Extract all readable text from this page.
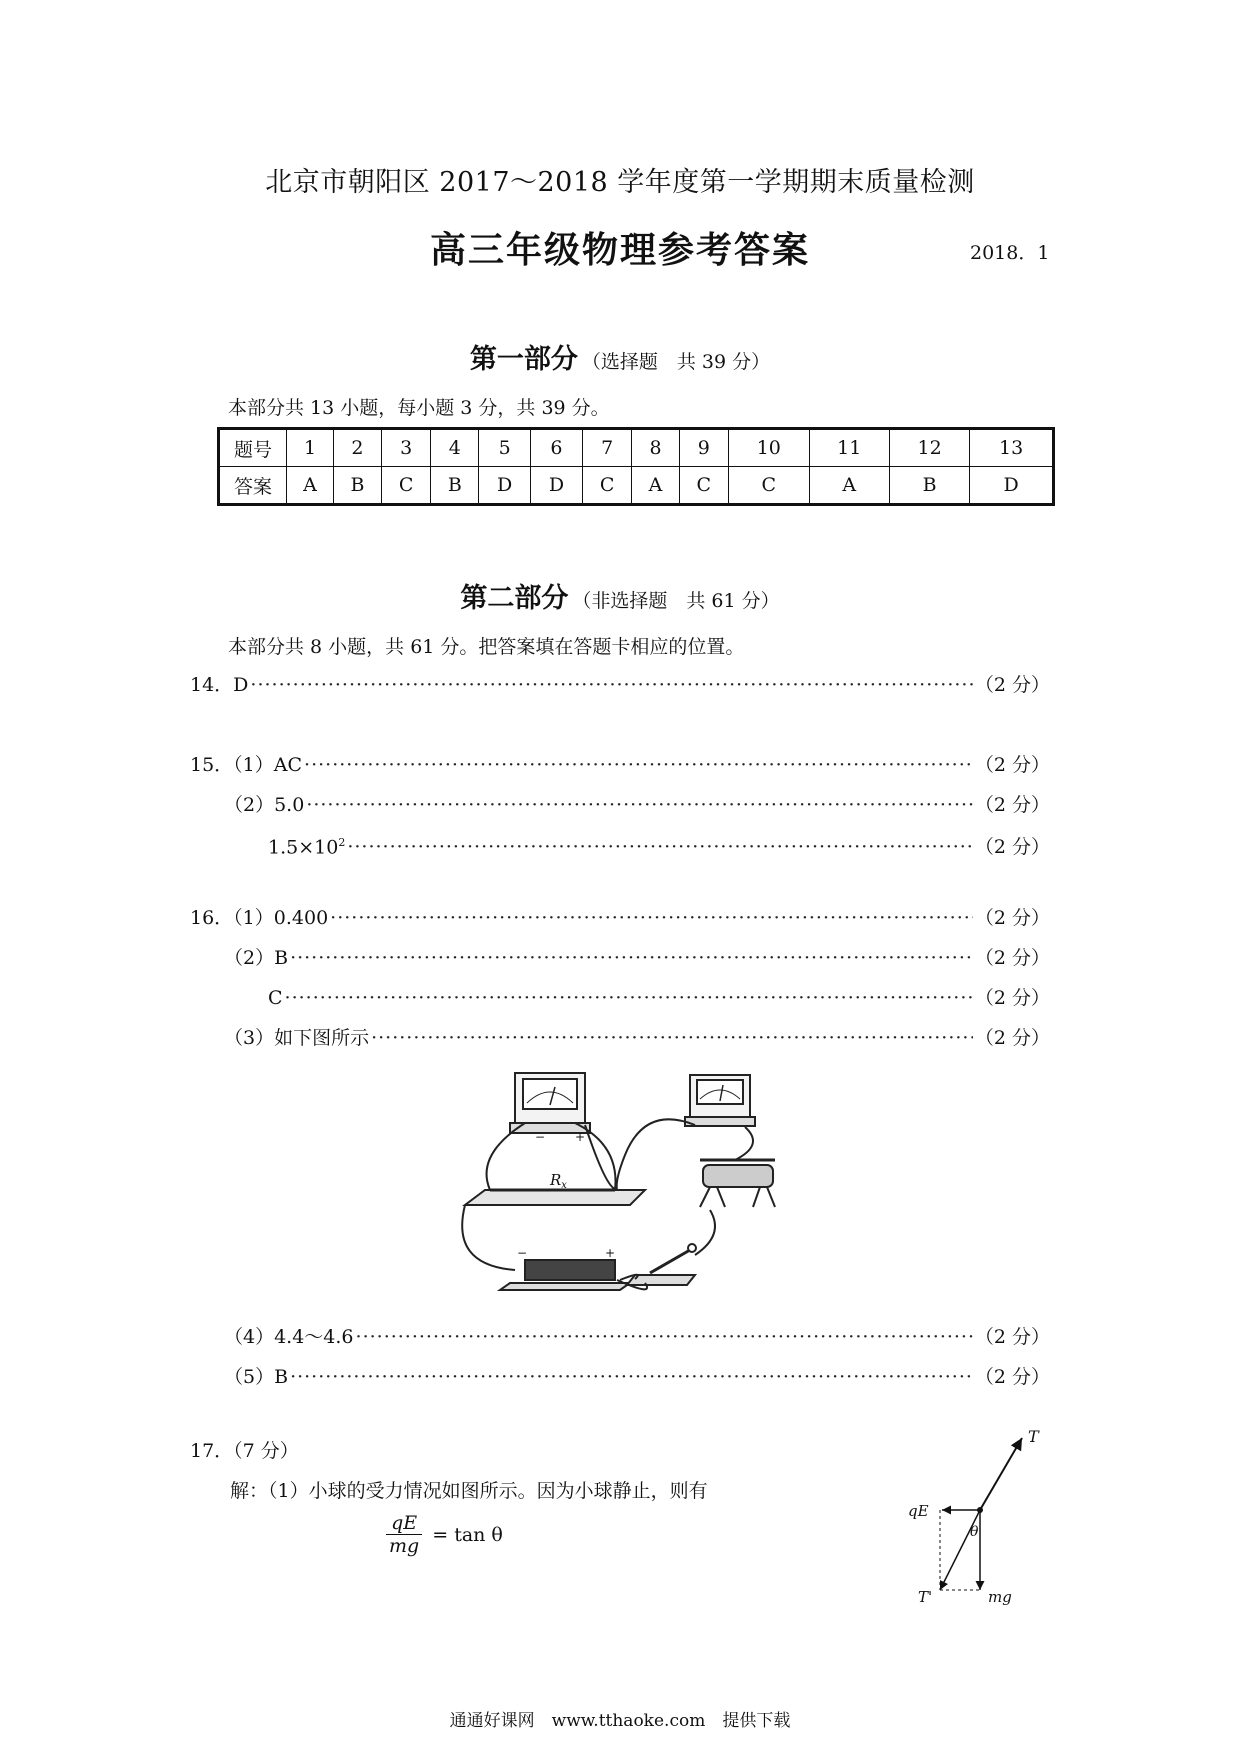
北京市朝阳区 2017～2018 学年度第一学期期末质量检测
高三年级物理参考答案	2018．1
第一部分 （选择题　共 39 分）
本部分共 13 小题，每小题 3 分，共 39 分。
题号	1	2	3	4	5	6	7	8	9	10	11	12	13
答案	A	B	C	B	D	D	C	A	C	C	A	B	D
第二部分 （非选择题　共 61 分）
本部分共 8 小题，共 61 分。把答案填在答题卡相应的位置。
14．D ·····	（2 分）
15．（1）AC ·····	（2 分）
（2）5.0 ·····	（2 分）
$1.5\times 10^2$ ·····	（2 分）
16．（1）0.400 ·····	（2 分）
（2）B ·····	（2 分）
C ·····	（2 分）
（3）如下图所示 ·····	（2 分）
$R_x$
− +
−	+
（4）4.4～4.6 ·····	（2 分）
（5）B ·····	（2 分）
17．（7 分）
解：（1）小球的受力情况如图所示。因为小球静止，则有
$\frac{qE}{mg} = \tan \theta$
T
qE
θ
T'	mg
通通好课网　www.tthaoke.com　提供下载
